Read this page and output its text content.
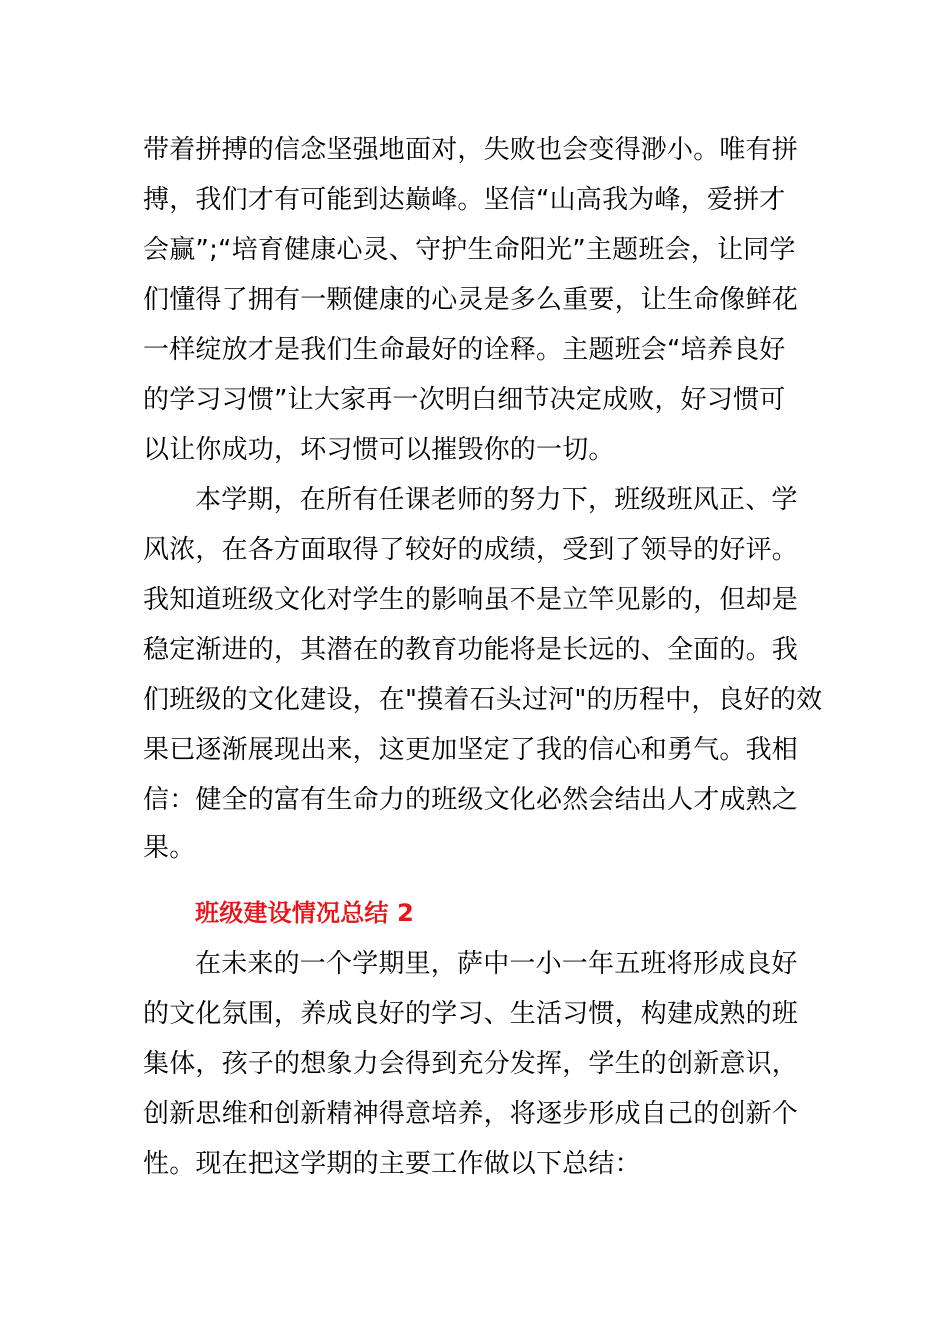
带着拼搏的信念坚强地面对，失败也会变得渺小。唯有拼
搏，我们才有可能到达巅峰。坚信“山高我为峰，爱拼才
会赢”;“培育健康心灵、守护生命阳光”主题班会，让同学
们懂得了拥有一颗健康的心灵是多么重要，让生命像鲜花
一样绽放才是我们生命最好的诠释。主题班会“培养良好
的学习习惯”让大家再一次明白细节决定成败，好习惯可
以让你成功，坏习惯可以摧毁你的一切。
本学期，在所有任课老师的努力下，班级班风正、学
风浓，在各方面取得了较好的成绩，受到了领导的好评。
我知道班级文化对学生的影响虽不是立竿见影的，但却是
稳定渐进的，其潜在的教育功能将是长远的、全面的。我
们班级的文化建设，在"摸着石头过河"的历程中，良好的效
果已逐渐展现出来，这更加坚定了我的信心和勇气。我相
信：健全的富有生命力的班级文化必然会结出人才成熟之
果。
班级建设情况总结 2
在未来的一个学期里，萨中一小一年五班将形成良好
的文化氛围，养成良好的学习、生活习惯，构建成熟的班
集体，孩子的想象力会得到充分发挥，学生的创新意识，
创新思维和创新精神得意培养，将逐步形成自己的创新个
性。现在把这学期的主要工作做以下总结：
